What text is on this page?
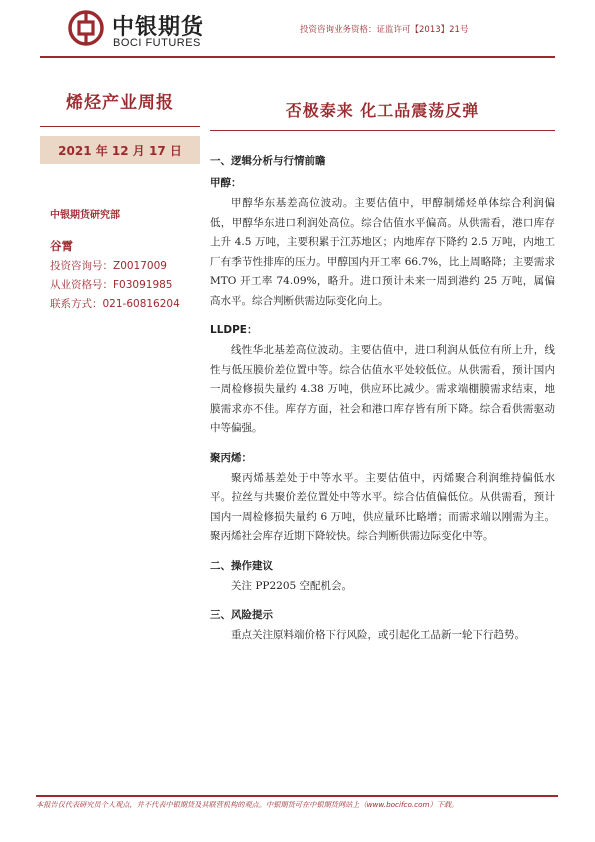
中银期货
BOCI FUTURES
投资咨询业务资格：证监许可【2013】21号
烯烃产业周报
2021 年 12 月 17 日
中银期货研究部
谷霄
投资咨询号：Z0017009
从业资格号：F03091985
联系方式：021-60816204
否极泰来 化工品震荡反弹

一、逻辑分析与行情前瞻

甲醇：

甲醇华东基差高位波动。主要估值中，甲醇制烯烃单体综合利润偏低，甲醇华东进口利润处高位。综合估值水平偏高。从供需看，港口库存上升 4.5 万吨，主要积累于江苏地区；内地库存下降约 2.5 万吨，内地工厂有季节性排库的压力。甲醇国内开工率 66.7%，比上周略降；主要需求 MTO 开工率 74.09%，略升。进口预计未来一周到港约 25 万吨，属偏高水平。综合判断供需边际变化向上。

LLDPE：

线性华北基差高位波动。主要估值中，进口利润从低位有所上升，线性与低压膜价差位置中等。综合估值水平处较低位。从供需看，预计国内一周检修损失量约 4.38 万吨，供应环比减少。需求端棚膜需求结束，地膜需求亦不佳。库存方面，社会和港口库存皆有所下降。综合看供需驱动中等偏强。

聚丙烯：

聚丙烯基差处于中等水平。主要估值中，丙烯聚合利润维持偏低水平。拉丝与共聚价差位置处中等水平。综合估值偏低位。从供需看，预计国内一周检修损失量约 6 万吨，供应量环比略增；而需求端以刚需为主。聚丙烯社会库存近期下降较快。综合判断供需边际变化中等。

二、操作建议

关注 PP2205 空配机会。

三、风险提示

重点关注原料端价格下行风险，或引起化工品新一轮下行趋势。

本报告仅代表研究员个人观点，并不代表中银期货及其联营机构的观点。中银期货可在中银期货网站上（www.bocifco.com）下载。
